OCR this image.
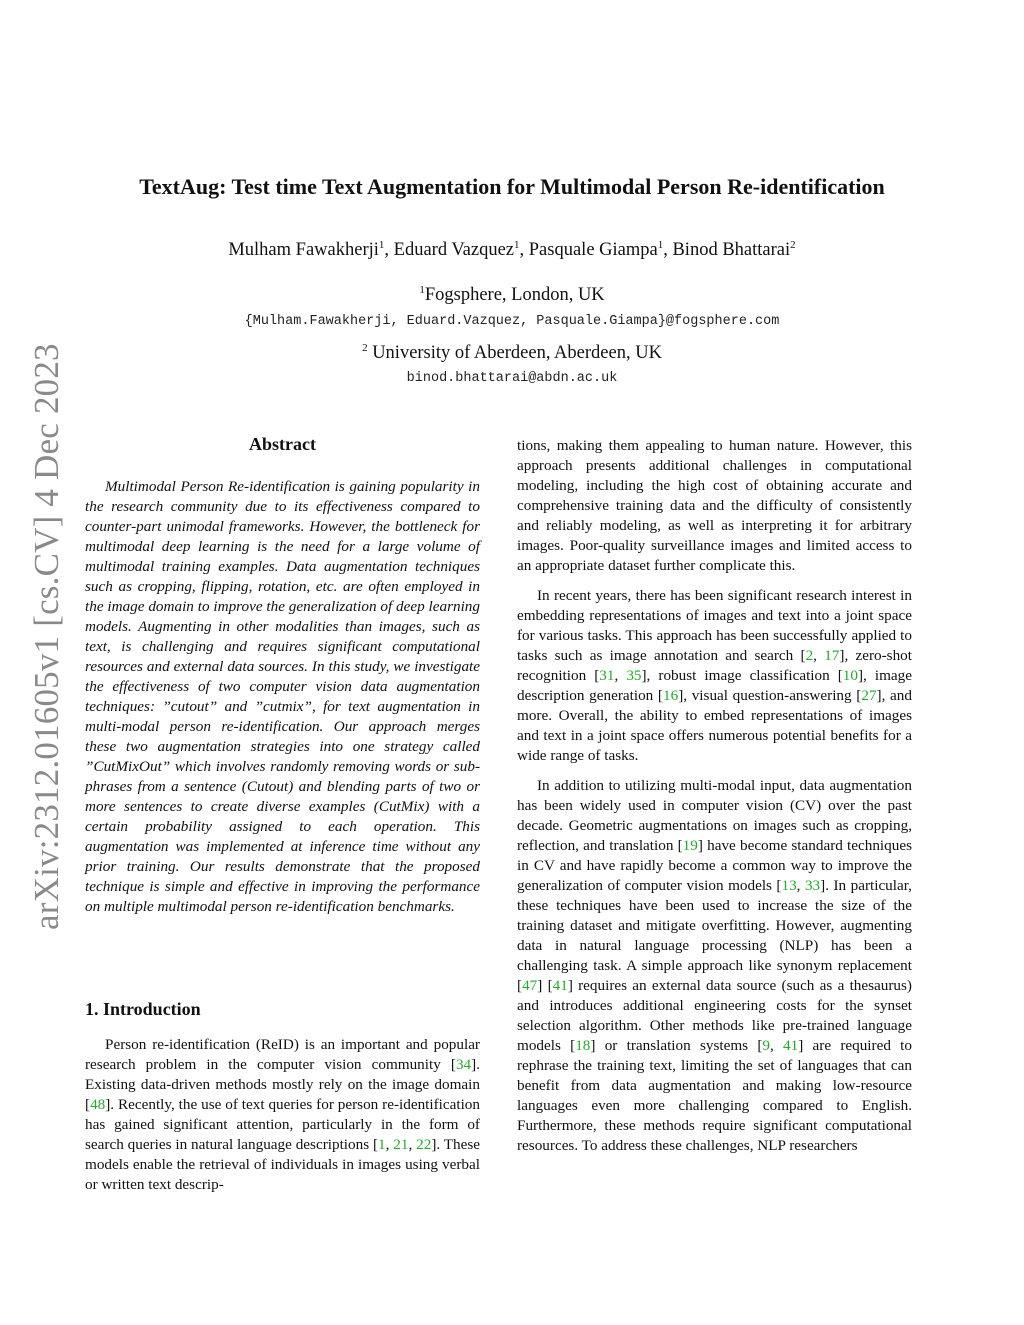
arXiv:2312.01605v1 [cs.CV] 4 Dec 2023
TextAug: Test time Text Augmentation for Multimodal Person Re-identification
Mulham Fawakherji$^1$, Eduard Vazquez$^1$, Pasquale Giampa$^1$, Binod Bhattarai$^2$
$^1$Fogsphere, London, UK
{Mulham.Fawakherji, Eduard.Vazquez, Pasquale.Giampa}@fogsphere.com
$^2$ University of Aberdeen, Aberdeen, UK
binod.bhattarai@abdn.ac.uk
Abstract

Multimodal Person Re-identification is gaining popularity in the research community due to its effectiveness compared to counter-part unimodal frameworks. However, the bottleneck for multimodal deep learning is the need for a large volume of multimodal training examples. Data augmentation techniques such as cropping, flipping, rotation, etc. are often employed in the image domain to improve the generalization of deep learning models. Augmenting in other modalities than images, such as text, is challenging and requires significant computational resources and external data sources. In this study, we investigate the effectiveness of two computer vision data augmentation techniques: ”cutout” and ”cutmix”, for text augmentation in multi-modal person re-identification. Our approach merges these two augmentation strategies into one strategy called ”CutMixOut” which involves randomly removing words or sub-phrases from a sentence (Cutout) and blending parts of two or more sentences to create diverse examples (CutMix) with a certain probability assigned to each operation. This augmentation was implemented at inference time without any prior training. Our results demonstrate that the proposed technique is simple and effective in improving the performance on multiple multimodal person re-identification benchmarks.

1. Introduction

Person re-identification (ReID) is an important and popular research problem in the computer vision community [34]. Existing data-driven methods mostly rely on the image domain [48]. Recently, the use of text queries for person re-identification has gained significant attention, particularly in the form of search queries in natural language descriptions [1, 21, 22]. These models enable the retrieval of individuals in images using verbal or written text descrip-

tions, making them appealing to human nature. However, this approach presents additional challenges in computational modeling, including the high cost of obtaining accurate and comprehensive training data and the difficulty of consistently and reliably modeling, as well as interpreting it for arbitrary images. Poor-quality surveillance images and limited access to an appropriate dataset further complicate this.

In recent years, there has been significant research interest in embedding representations of images and text into a joint space for various tasks. This approach has been successfully applied to tasks such as image annotation and search [2, 17], zero-shot recognition [31, 35], robust image classification [10], image description generation [16], visual question-answering [27], and more. Overall, the ability to embed representations of images and text in a joint space offers numerous potential benefits for a wide range of tasks.

In addition to utilizing multi-modal input, data augmentation has been widely used in computer vision (CV) over the past decade. Geometric augmentations on images such as cropping, reflection, and translation [19] have become standard techniques in CV and have rapidly become a common way to improve the generalization of computer vision models [13, 33]. In particular, these techniques have been used to increase the size of the training dataset and mitigate overfitting. However, augmenting data in natural language processing (NLP) has been a challenging task. A simple approach like synonym replacement [47] [41] requires an external data source (such as a thesaurus) and introduces additional engineering costs for the synset selection algorithm. Other methods like pre-trained language models [18] or translation systems [9, 41] are required to rephrase the training text, limiting the set of languages that can benefit from data augmentation and making low-resource languages even more challenging compared to English. Furthermore, these methods require significant computational resources. To address these challenges, NLP researchers
